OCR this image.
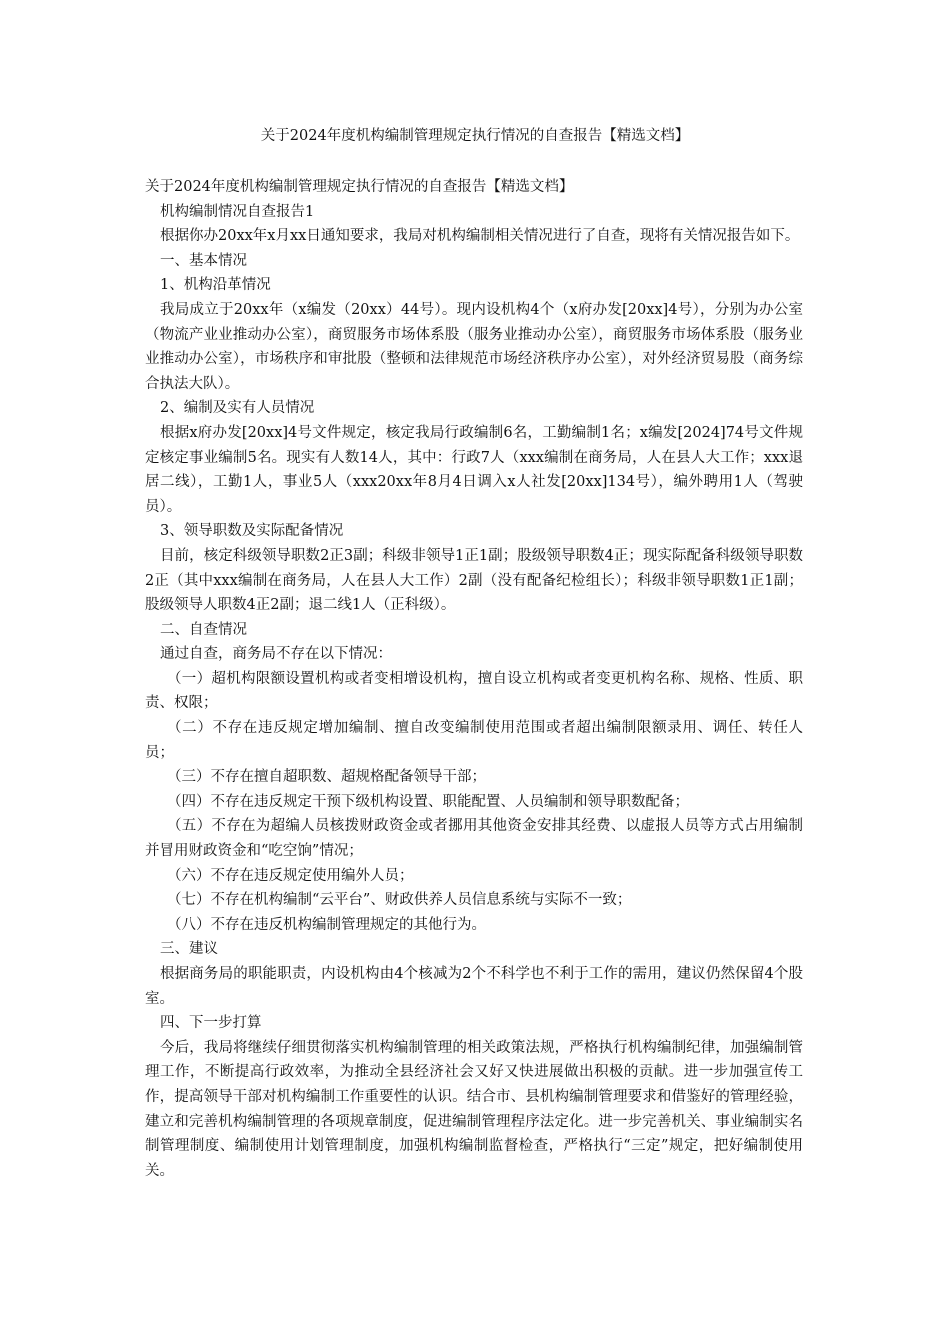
关于2024年度机构编制管理规定执行情况的自查报告【精选文档】

关于2024年度机构编制管理规定执行情况的自查报告【精选文档】

机构编制情况自查报告1

根据你办20xx年x月xx日通知要求，我局对机构编制相关情况进行了自查，现将有关情况报告如下。

一、基本情况

1、机构沿革情况

我局成立于20xx年（x编发（20xx）44号）。现内设机构4个（x府办发[20xx]4号），分别为办公室（物流产业业推动办公室），商贸服务市场体系股（服务业推动办公室），商贸服务市场体系股（服务业业推动办公室），市场秩序和审批股（整顿和法律规范市场经济秩序办公室），对外经济贸易股（商务综合执法大队）。

2、编制及实有人员情况

根据x府办发[20xx]4号文件规定，核定我局行政编制6名，工勤编制1名；x编发[2024]74号文件规定核定事业编制5名。现实有人数14人，其中：行政7人（xxx编制在商务局，人在县人大工作；xxx退居二线），工勤1人，事业5人（xxx20xx年8月4日调入x人社发[20xx]134号），编外聘用1人（驾驶员）。

3、领导职数及实际配备情况

目前，核定科级领导职数2正3副；科级非领导1正1副；股级领导职数4正；现实际配备科级领导职数2正（其中xxx编制在商务局，人在县人大工作）2副（没有配备纪检组长）；科级非领导职数1正1副；股级领导人职数4正2副；退二线1人（正科级）。

二、自查情况

通过自查，商务局不存在以下情况：

（一）超机构限额设置机构或者变相增设机构，擅自设立机构或者变更机构名称、规格、性质、职责、权限；

（二）不存在违反规定增加编制、擅自改变编制使用范围或者超出编制限额录用、调任、转任人员；

（三）不存在擅自超职数、超规格配备领导干部；

（四）不存在违反规定干预下级机构设置、职能配置、人员编制和领导职数配备；

（五）不存在为超编人员核拨财政资金或者挪用其他资金安排其经费、以虚报人员等方式占用编制并冒用财政资金和“吃空饷”情况；

（六）不存在违反规定使用编外人员；

（七）不存在机构编制“云平台”、财政供养人员信息系统与实际不一致；

（八）不存在违反机构编制管理规定的其他行为。

三、建议

根据商务局的职能职责，内设机构由4个核减为2个不科学也不利于工作的需用，建议仍然保留4个股室。

四、下一步打算

今后，我局将继续仔细贯彻落实机构编制管理的相关政策法规，严格执行机构编制纪律，加强编制管理工作，不断提高行政效率，为推动全县经济社会又好又快进展做出积极的贡献。进一步加强宣传工作，提高领导干部对机构编制工作重要性的认识。结合市、县机构编制管理要求和借鉴好的管理经验，建立和完善机构编制管理的各项规章制度，促进编制管理程序法定化。进一步完善机关、事业编制实名制管理制度、编制使用计划管理制度，加强机构编制监督检查，严格执行“三定”规定，把好编制使用关。
